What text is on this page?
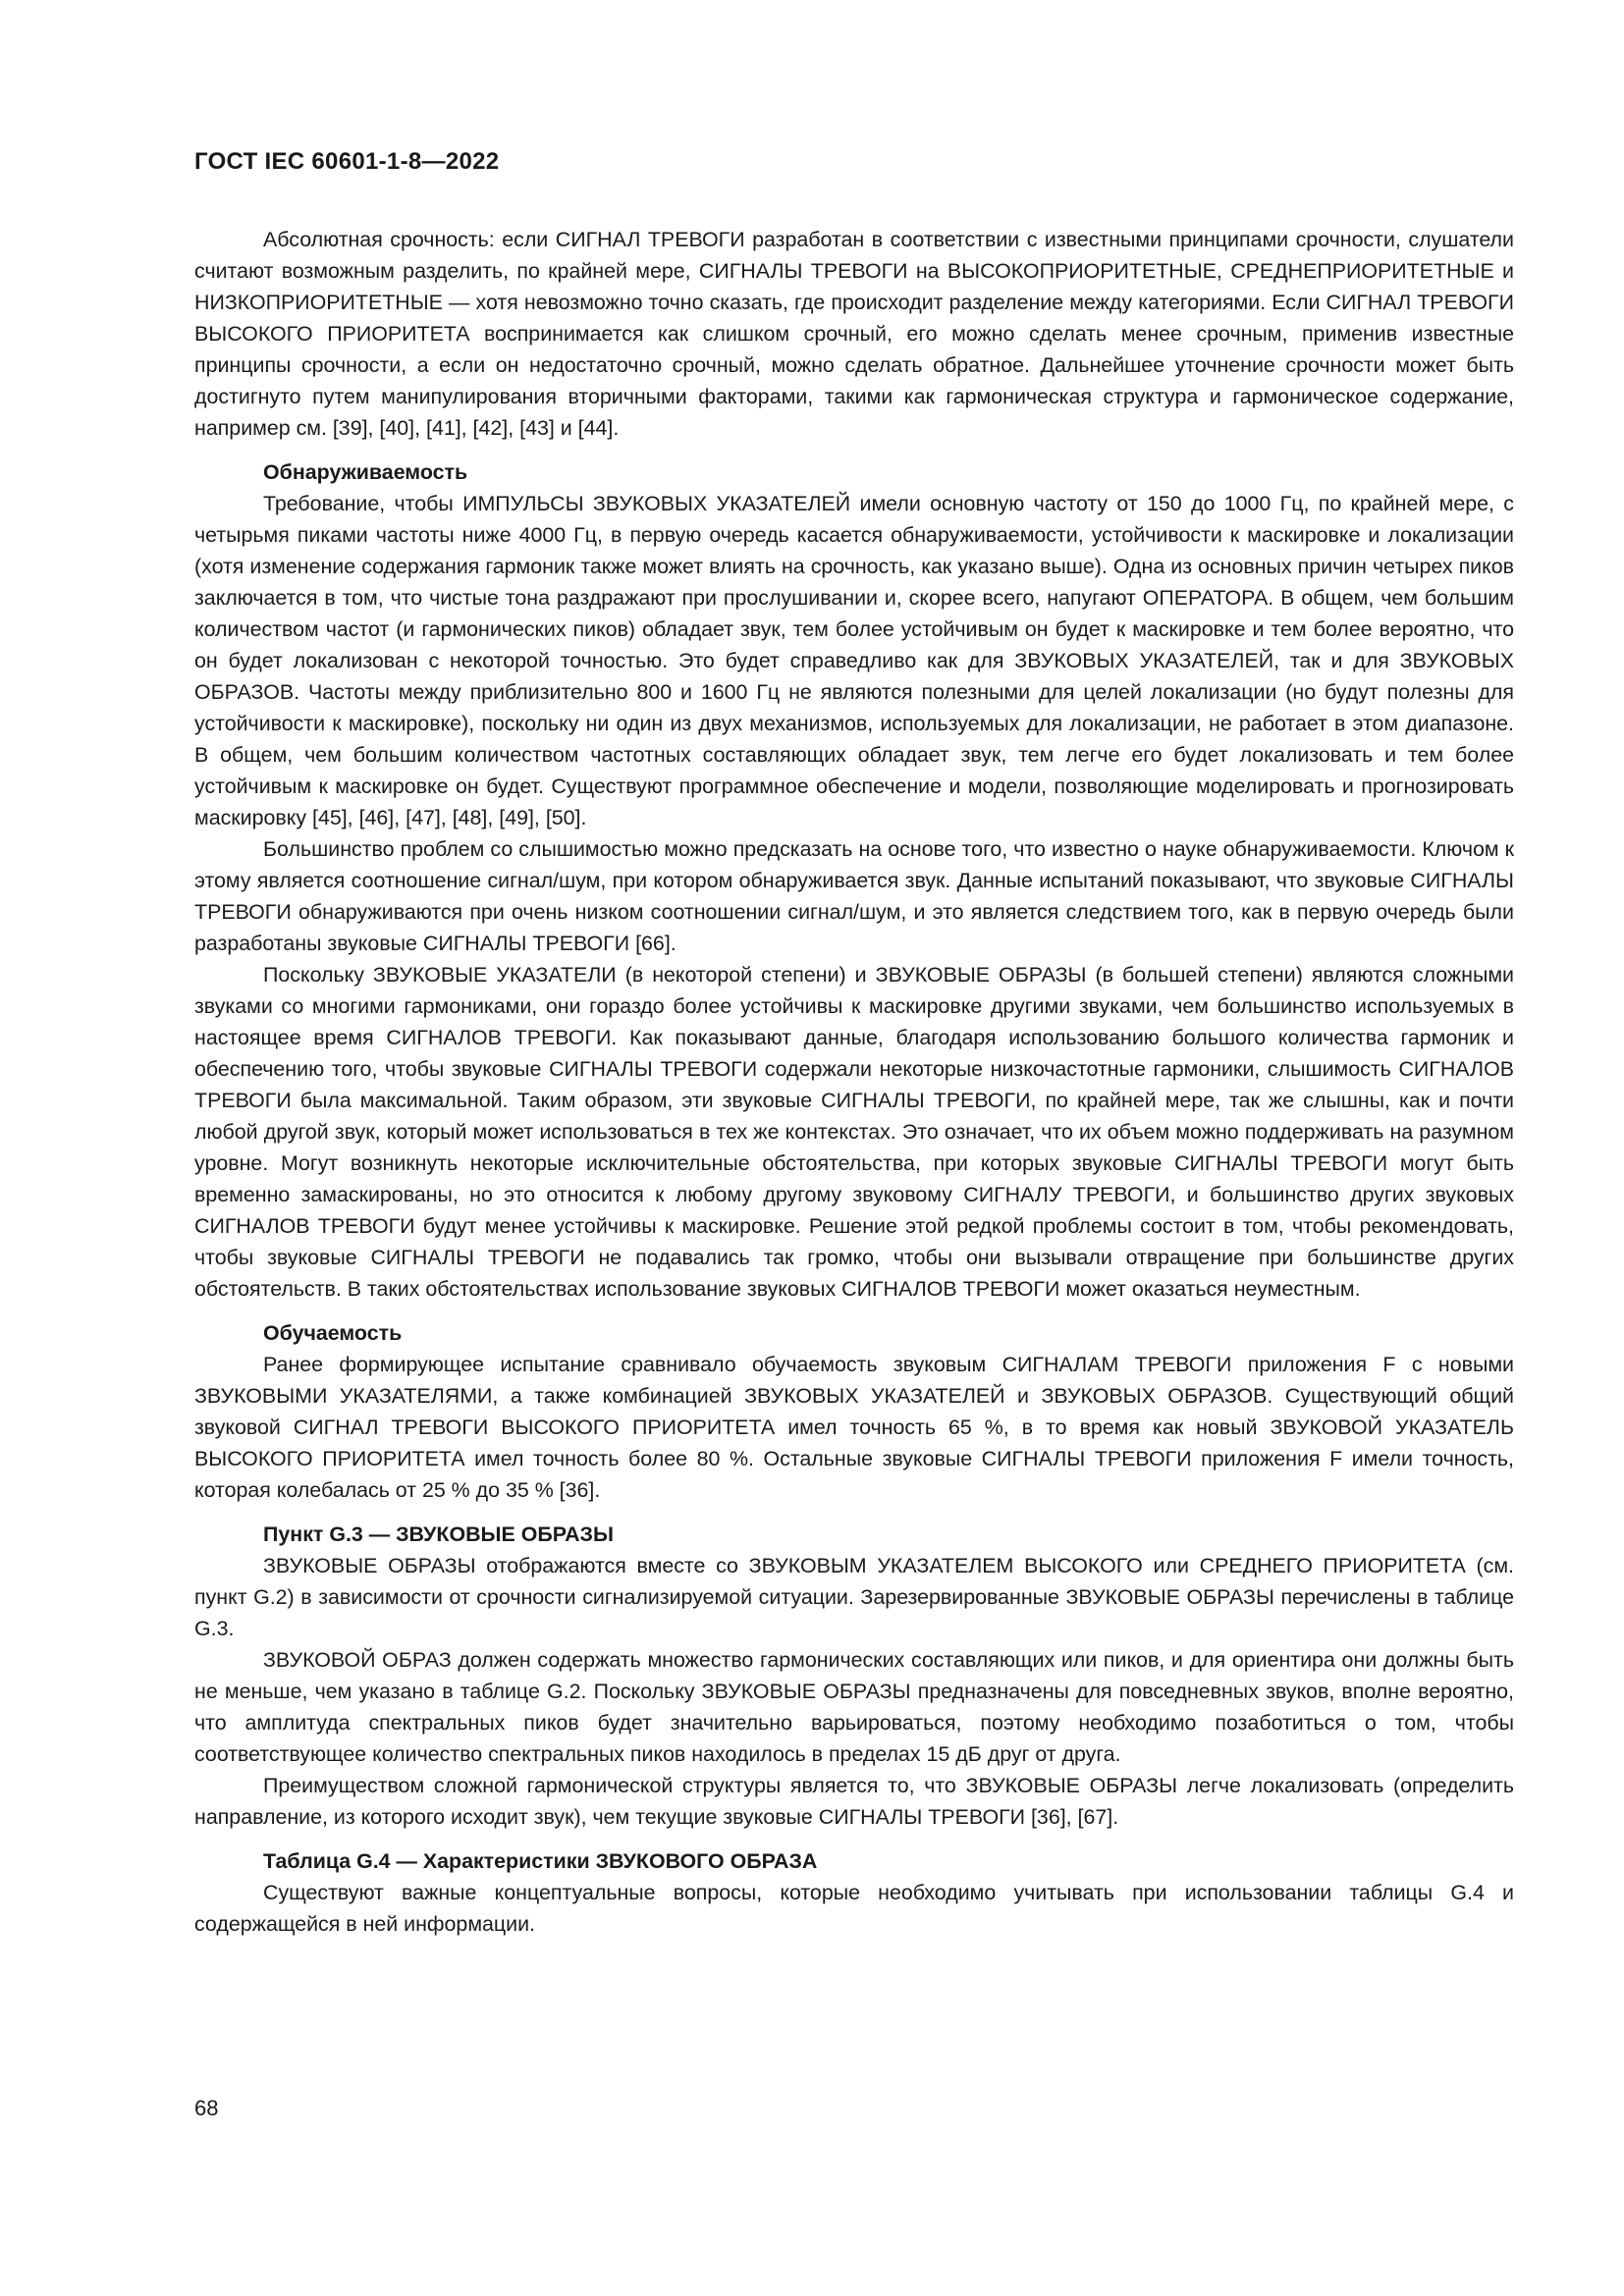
ГОСТ IEC 60601-1-8—2022

Абсолютная срочность: если СИГНАЛ ТРЕВОГИ разработан в соответствии с известными принципами срочности, слушатели считают возможным разделить, по крайней мере, СИГНАЛЫ ТРЕВОГИ на ВЫСОКОПРИОРИТЕТНЫЕ, СРЕДНЕПРИОРИТЕТНЫЕ и НИЗКОПРИОРИТЕТНЫЕ — хотя невозможно точно сказать, где происходит разделение между категориями. Если СИГНАЛ ТРЕВОГИ ВЫСОКОГО ПРИОРИТЕТА воспринимается как слишком срочный, его можно сделать менее срочным, применив известные принципы срочности, а если он недостаточно срочный, можно сделать обратное. Дальнейшее уточнение срочности может быть достигнуто путем манипулирования вторичными факторами, такими как гармоническая структура и гармоническое содержание, например см. [39], [40], [41], [42], [43] и [44].

Обнаруживаемость

Требование, чтобы ИМПУЛЬСЫ ЗВУКОВЫХ УКАЗАТЕЛЕЙ имели основную частоту от 150 до 1000 Гц, по крайней мере, с четырьмя пиками частоты ниже 4000 Гц, в первую очередь касается обнаруживаемости, устойчивости к маскировке и локализации (хотя изменение содержания гармоник также может влиять на срочность, как указано выше). Одна из основных причин четырех пиков заключается в том, что чистые тона раздражают при прослушивании и, скорее всего, напугают ОПЕРАТОРА. В общем, чем большим количеством частот (и гармонических пиков) обладает звук, тем более устойчивым он будет к маскировке и тем более вероятно, что он будет локализован с некоторой точностью. Это будет справедливо как для ЗВУКОВЫХ УКАЗАТЕЛЕЙ, так и для ЗВУКОВЫХ ОБРАЗОВ. Частоты между приблизительно 800 и 1600 Гц не являются полезными для целей локализации (но будут полезны для устойчивости к маскировке), поскольку ни один из двух механизмов, используемых для локализации, не работает в этом диапазоне. В общем, чем большим количеством частотных составляющих обладает звук, тем легче его будет локализовать и тем более устойчивым к маскировке он будет. Существуют программное обеспечение и модели, позволяющие моделировать и прогнозировать маскировку [45], [46], [47], [48], [49], [50].

Большинство проблем со слышимостью можно предсказать на основе того, что известно о науке обнаруживаемости. Ключом к этому является соотношение сигнал/шум, при котором обнаруживается звук. Данные испытаний показывают, что звуковые СИГНАЛЫ ТРЕВОГИ обнаруживаются при очень низком соотношении сигнал/шум, и это является следствием того, как в первую очередь были разработаны звуковые СИГНАЛЫ ТРЕВОГИ [66].

Поскольку ЗВУКОВЫЕ УКАЗАТЕЛИ (в некоторой степени) и ЗВУКОВЫЕ ОБРАЗЫ (в большей степени) являются сложными звуками со многими гармониками, они гораздо более устойчивы к маскировке другими звуками, чем большинство используемых в настоящее время СИГНАЛОВ ТРЕВОГИ. Как показывают данные, благодаря использованию большого количества гармоник и обеспечению того, чтобы звуковые СИГНАЛЫ ТРЕВОГИ содержали некоторые низкочастотные гармоники, слышимость СИГНАЛОВ ТРЕВОГИ была максимальной. Таким образом, эти звуковые СИГНАЛЫ ТРЕВОГИ, по крайней мере, так же слышны, как и почти любой другой звук, который может использоваться в тех же контекстах. Это означает, что их объем можно поддерживать на разумном уровне. Могут возникнуть некоторые исключительные обстоятельства, при которых звуковые СИГНАЛЫ ТРЕВОГИ могут быть временно замаскированы, но это относится к любому другому звуковому СИГНАЛУ ТРЕВОГИ, и большинство других звуковых СИГНАЛОВ ТРЕВОГИ будут менее устойчивы к маскировке. Решение этой редкой проблемы состоит в том, чтобы рекомендовать, чтобы звуковые СИГНАЛЫ ТРЕВОГИ не подавались так громко, чтобы они вызывали отвращение при большинстве других обстоятельств. В таких обстоятельствах использование звуковых СИГНАЛОВ ТРЕВОГИ может оказаться неуместным.

Обучаемость

Ранее формирующее испытание сравнивало обучаемость звуковым СИГНАЛАМ ТРЕВОГИ приложения F с новыми ЗВУКОВЫМИ УКАЗАТЕЛЯМИ, а также комбинацией ЗВУКОВЫХ УКАЗАТЕЛЕЙ и ЗВУКОВЫХ ОБРАЗОВ. Существующий общий звуковой СИГНАЛ ТРЕВОГИ ВЫСОКОГО ПРИОРИТЕТА имел точность 65 %, в то время как новый ЗВУКОВОЙ УКАЗАТЕЛЬ ВЫСОКОГО ПРИОРИТЕТА имел точность более 80 %. Остальные звуковые СИГНАЛЫ ТРЕВОГИ приложения F имели точность, которая колебалась от 25 % до 35 % [36].

Пункт G.3 — ЗВУКОВЫЕ ОБРАЗЫ

ЗВУКОВЫЕ ОБРАЗЫ отображаются вместе со ЗВУКОВЫМ УКАЗАТЕЛЕМ ВЫСОКОГО или СРЕДНЕГО ПРИОРИТЕТА (см. пункт G.2) в зависимости от срочности сигнализируемой ситуации. Зарезервированные ЗВУКОВЫЕ ОБРАЗЫ перечислены в таблице G.3.

ЗВУКОВОЙ ОБРАЗ должен содержать множество гармонических составляющих или пиков, и для ориентира они должны быть не меньше, чем указано в таблице G.2. Поскольку ЗВУКОВЫЕ ОБРАЗЫ предназначены для повседневных звуков, вполне вероятно, что амплитуда спектральных пиков будет значительно варьироваться, поэтому необходимо позаботиться о том, чтобы соответствующее количество спектральных пиков находилось в пределах 15 дБ друг от друга.

Преимуществом сложной гармонической структуры является то, что ЗВУКОВЫЕ ОБРАЗЫ легче локализовать (определить направление, из которого исходит звук), чем текущие звуковые СИГНАЛЫ ТРЕВОГИ [36], [67].

Таблица G.4 — Характеристики ЗВУКОВОГО ОБРАЗА

Существуют важные концептуальные вопросы, которые необходимо учитывать при использовании таблицы G.4 и содержащейся в ней информации.

68
